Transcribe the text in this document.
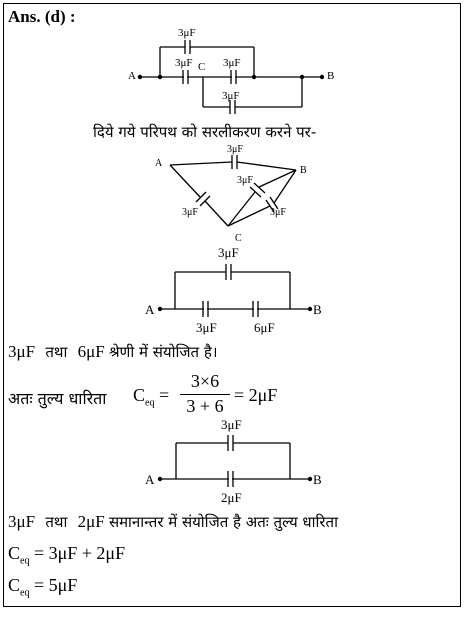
Ans. (d) :
3μF
3μF C 3μF
3μF
A	B
दिये गये परिपथ को सरलीकरण करने पर-
3μF
3μF
3μF	3μF
A
B
C
3μF
3μF	6μF
A	B
3μF तथा 6μF श्रेणी में संयोजित है।
अतः तुल्य धारिता $C_{eq}$ =
3×6
3 + 6
= 2μF
3μF
2μF
A	B
3μF तथा 2μF समानान्तर में संयोजित है अतः तुल्य धारिता
$C_{eq} = 3\mu F + 2\mu F$
$C_{eq} = 5\mu F$
